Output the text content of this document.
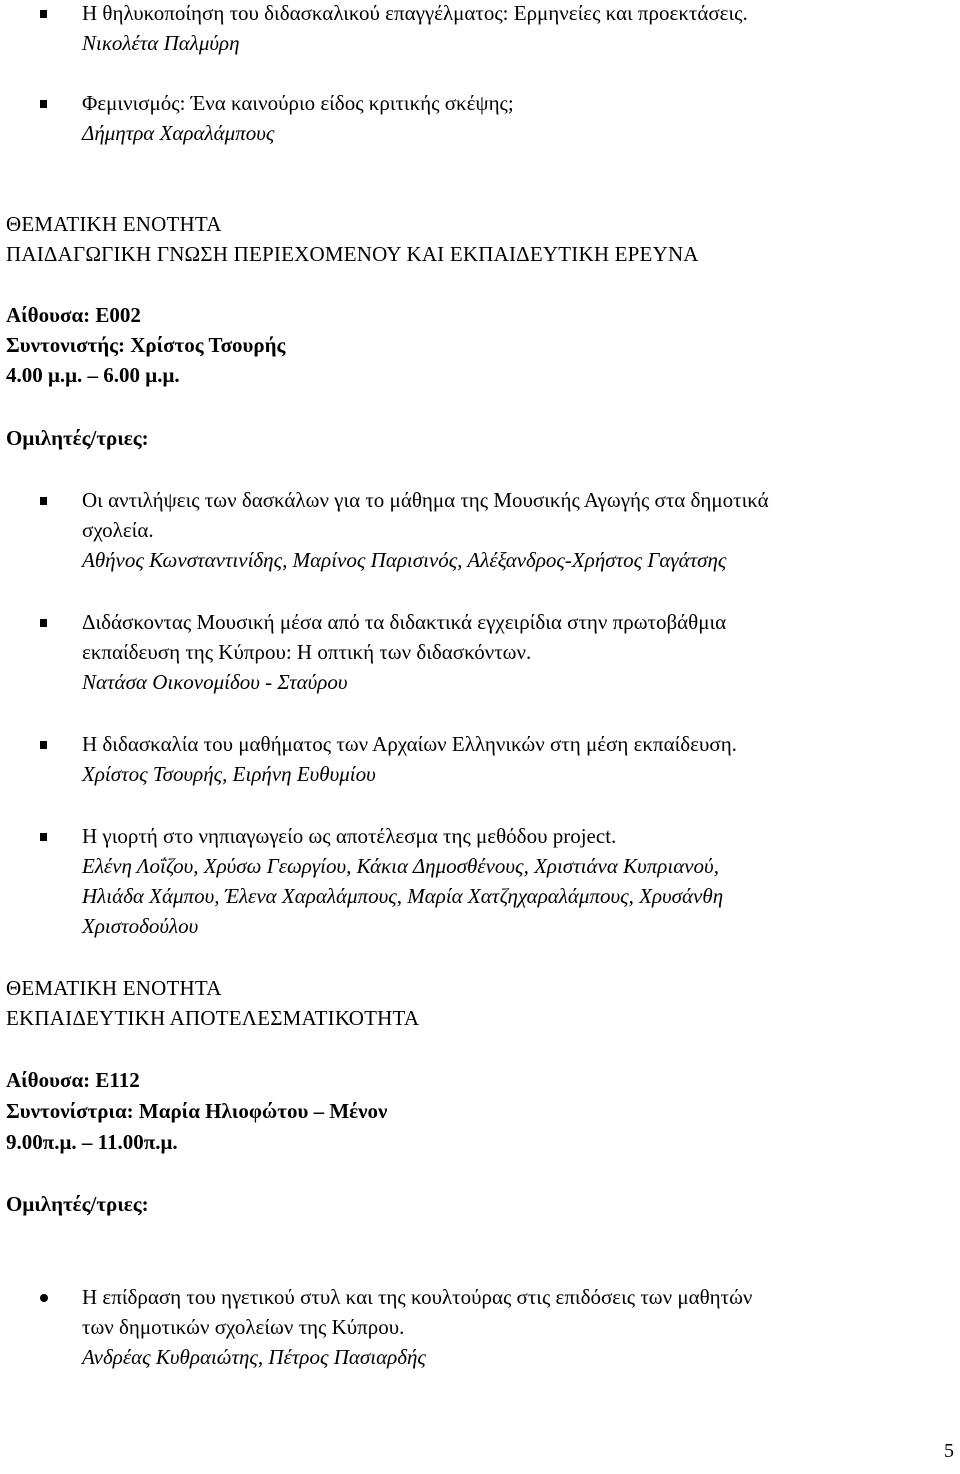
Η θηλυκοποίηση του διδασκαλικού επαγγέλματος: Ερμηνείες και προεκτάσεις.
Νικολέτα Παλμύρη
Φεμινισμός: Ένα καινούριο είδος κριτικής σκέψης;
Δήμητρα Χαραλάμπους
ΘΕΜΑΤΙΚΗ ΕΝΟΤΗΤΑ
ΠΑΙΔΑΓΩΓΙΚΗ ΓΝΩΣΗ ΠΕΡΙΕΧΟΜΕΝΟΥ ΚΑΙ ΕΚΠΑΙΔΕΥΤΙΚΗ ΕΡΕΥΝΑ
Αίθουσα: Ε002
Συντονιστής: Χρίστος Τσουρής
4.00 μ.μ. – 6.00 μ.μ.
Ομιλητές/τριες:
Οι αντιλήψεις των δασκάλων για το μάθημα της Μουσικής Αγωγής στα δημοτικά
σχολεία.
Αθήνος Κωνσταντινίδης, Μαρίνος Παρισινός, Αλέξανδρος-Χρήστος Γαγάτσης
Διδάσκοντας Μουσική μέσα από τα διδακτικά εγχειρίδια στην πρωτοβάθμια
εκπαίδευση της Κύπρου: Η οπτική των διδασκόντων.
Νατάσα Οικονομίδου - Σταύρου
Η διδασκαλία του μαθήματος των Αρχαίων Ελληνικών στη μέση εκπαίδευση.
Χρίστος Τσουρής, Ειρήνη Ευθυμίου
Η γιορτή στο νηπιαγωγείο ως αποτέλεσμα της μεθόδου project.
Ελένη Λοΐζου, Χρύσω Γεωργίου, Κάκια Δημοσθένους, Χριστιάνα Κυπριανού,
Ηλιάδα Χάμπου, Έλενα Χαραλάμπους, Μαρία Χατζηχαραλάμπους, Χρυσάνθη
Χριστοδούλου
ΘΕΜΑΤΙΚΗ ΕΝΟΤΗΤΑ
ΕΚΠΑΙΔΕΥΤΙΚΗ ΑΠΟΤΕΛΕΣΜΑΤΙΚΟΤΗΤΑ
Αίθουσα: Ε112
Συντονίστρια: Μαρία Ηλιοφώτου – Μένον
9.00π.μ. – 11.00π.μ.
Ομιλητές/τριες:
Η επίδραση του ηγετικού στυλ και της κουλτούρας στις επιδόσεις των μαθητών
των δημοτικών σχολείων της Κύπρου.
Ανδρέας Κυθραιώτης, Πέτρος Πασιαρδής
5
